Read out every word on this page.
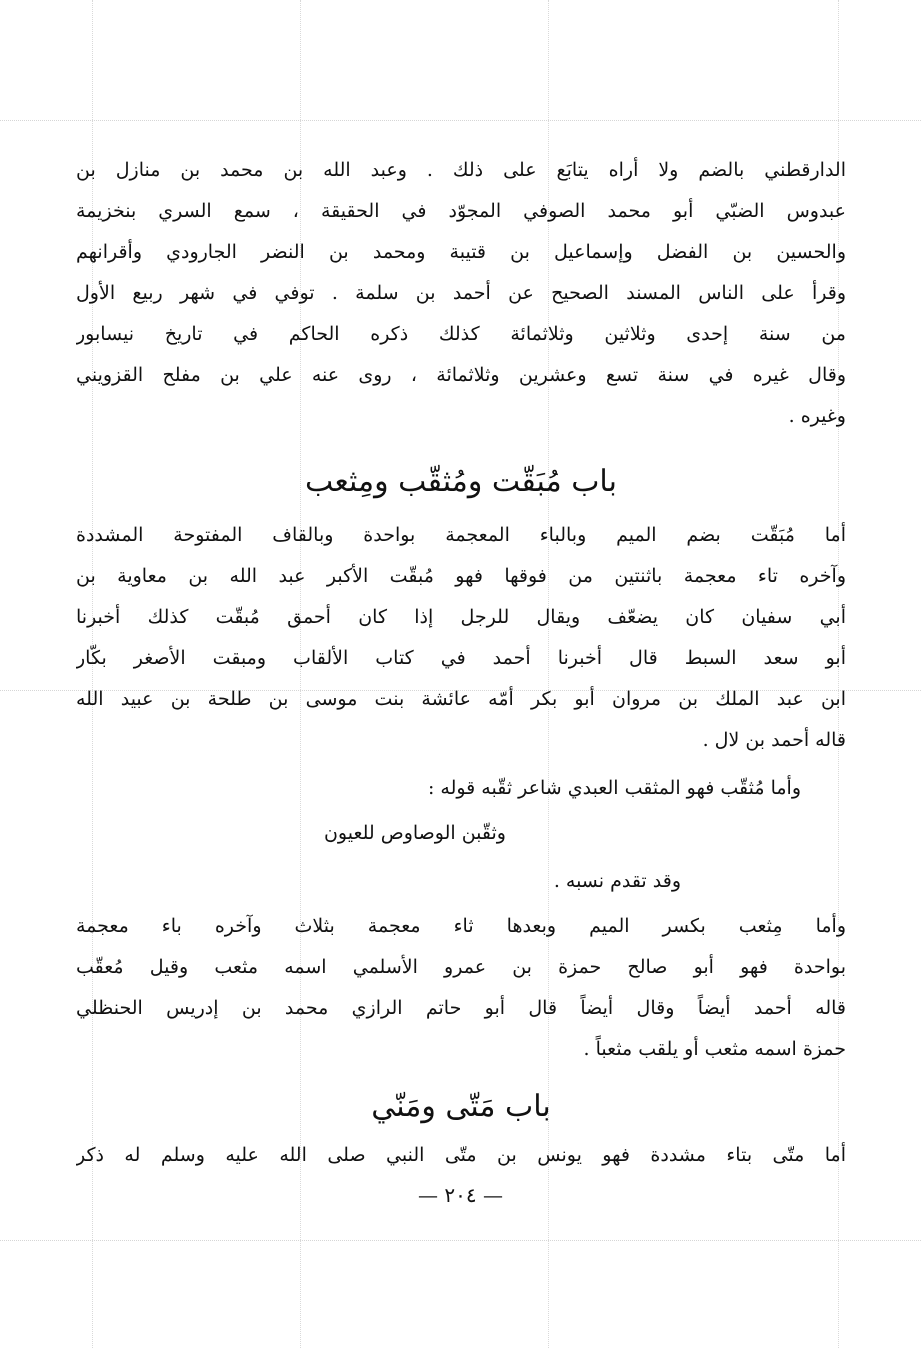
الدارقطني بالضم ولا أراه يتابَع على ذلك . وعبد الله بن محمد بن منازل بن
عبدوس الضبّي أبو محمد الصوفي المجوّد في الحقيقة ، سمع السري بنخزيمة
والحسين بن الفضل وإسماعيل بن قتيبة ومحمد بن النضر الجارودي وأقرانهم
وقرأ على الناس المسند الصحيح عن أحمد بن سلمة . توفي في شهر ربيع الأول
من سنة إحدى وثلاثين وثلاثمائة كذلك ذكره الحاكم في تاريخ نيسابور
وقال غيره في سنة تسع وعشرين وثلاثمائة ، روى عنه علي بن مفلح القزويني
وغيره .
باب مُبَقّت ومُثقّب ومِثعب
أما مُبَقّت بضم الميم وبالباء المعجمة بواحدة وبالقاف المفتوحة المشددة
وآخره تاء معجمة باثنتين من فوقها فهو مُبقّت الأكبر عبد الله بن معاوية بن
أبي سفيان كان يضعّف ويقال للرجل إذا كان أحمق مُبقّت كذلك أخبرنا
أبو سعد السبط قال أخبرنا أحمد في كتاب الألقاب ومبقت الأصغر بكّار
ابن عبد الملك بن مروان أبو بكر أمّه عائشة بنت موسى بن طلحة بن عبيد الله
قاله أحمد بن لال .
وأما مُثقّب فهو المثقب العبدي شاعر ثقّبه قوله :
وثقّبن الوصاوص للعيون
وقد تقدم نسبه .
وأما مِثعب بكسر الميم وبعدها ثاء معجمة بثلاث وآخره باء معجمة
بواحدة فهو أبو صالح حمزة بن عمرو الأسلمي اسمه مثعب وقيل مُعقّب
قاله أحمد أيضاً وقال أيضاً قال أبو حاتم الرازي محمد بن إدريس الحنظلي
حمزة اسمه مثعب أو يلقب مثعباً .
باب مَتّى ومَنّي
أما متّى بتاء مشددة فهو يونس بن متّى النبي صلى الله عليه وسلم له ذكر
— ٢٠٤ —
